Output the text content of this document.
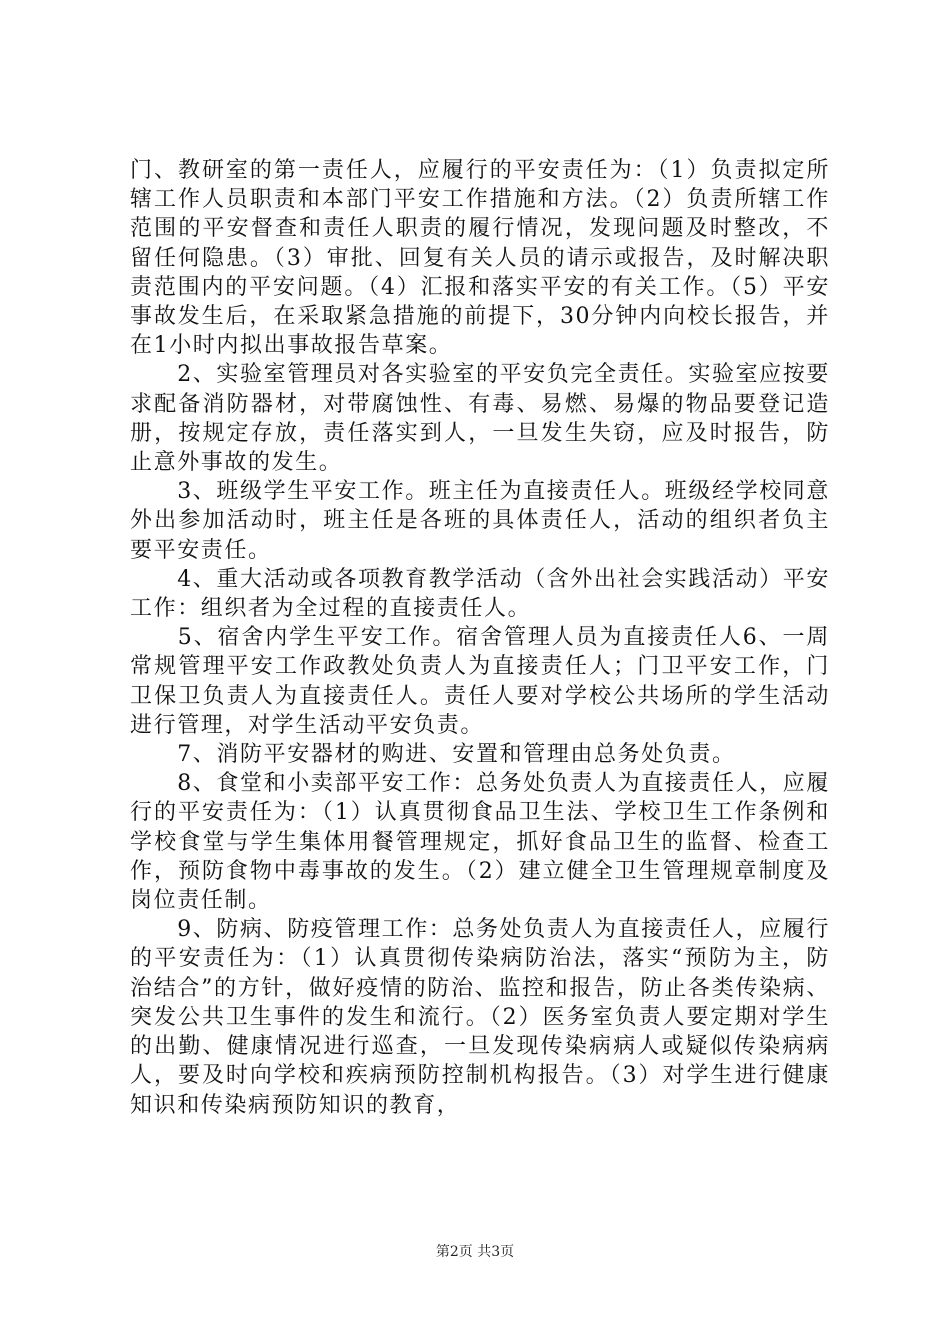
门、教研室的第一责任人，应履行的平安责任为：（1）负责拟定所辖工作人员职责和本部门平安工作措施和方法。（2）负责所辖工作范围的平安督查和责任人职责的履行情况，发现问题及时整改，不留任何隐患。（3）审批、回复有关人员的请示或报告，及时解决职责范围内的平安问题。（4）汇报和落实平安的有关工作。（5）平安事故发生后，在采取紧急措施的前提下，30分钟内向校长报告，并在1小时内拟出事故报告草案。

　　2、实验室管理员对各实验室的平安负完全责任。实验室应按要求配备消防器材，对带腐蚀性、有毒、易燃、易爆的物品要登记造册，按规定存放，责任落实到人，一旦发生失窃，应及时报告，防止意外事故的发生。

　　3、班级学生平安工作。班主任为直接责任人。班级经学校同意外出参加活动时，班主任是各班的具体责任人，活动的组织者负主要平安责任。

　　4、重大活动或各项教育教学活动（含外出社会实践活动）平安工作：组织者为全过程的直接责任人。

　　5、宿舍内学生平安工作。宿舍管理人员为直接责任人6、一周常规管理平安工作政教处负责人为直接责任人；门卫平安工作，门卫保卫负责人为直接责任人。责任人要对学校公共场所的学生活动进行管理，对学生活动平安负责。

　　7、消防平安器材的购进、安置和管理由总务处负责。

　　8、食堂和小卖部平安工作：总务处负责人为直接责任人，应履行的平安责任为：（1）认真贯彻食品卫生法、学校卫生工作条例和学校食堂与学生集体用餐管理规定，抓好食品卫生的监督、检查工作，预防食物中毒事故的发生。（2）建立健全卫生管理规章制度及岗位责任制。

　　9、防病、防疫管理工作：总务处负责人为直接责任人，应履行的平安责任为：（1）认真贯彻传染病防治法，落实“预防为主，防治结合”的方针，做好疫情的防治、监控和报告，防止各类传染病、突发公共卫生事件的发生和流行。（2）医务室负责人要定期对学生的出勤、健康情况进行巡查，一旦发现传染病病人或疑似传染病病人，要及时向学校和疾病预防控制机构报告。（3）对学生进行健康知识和传染病预防知识的教育，

第2页 共3页
